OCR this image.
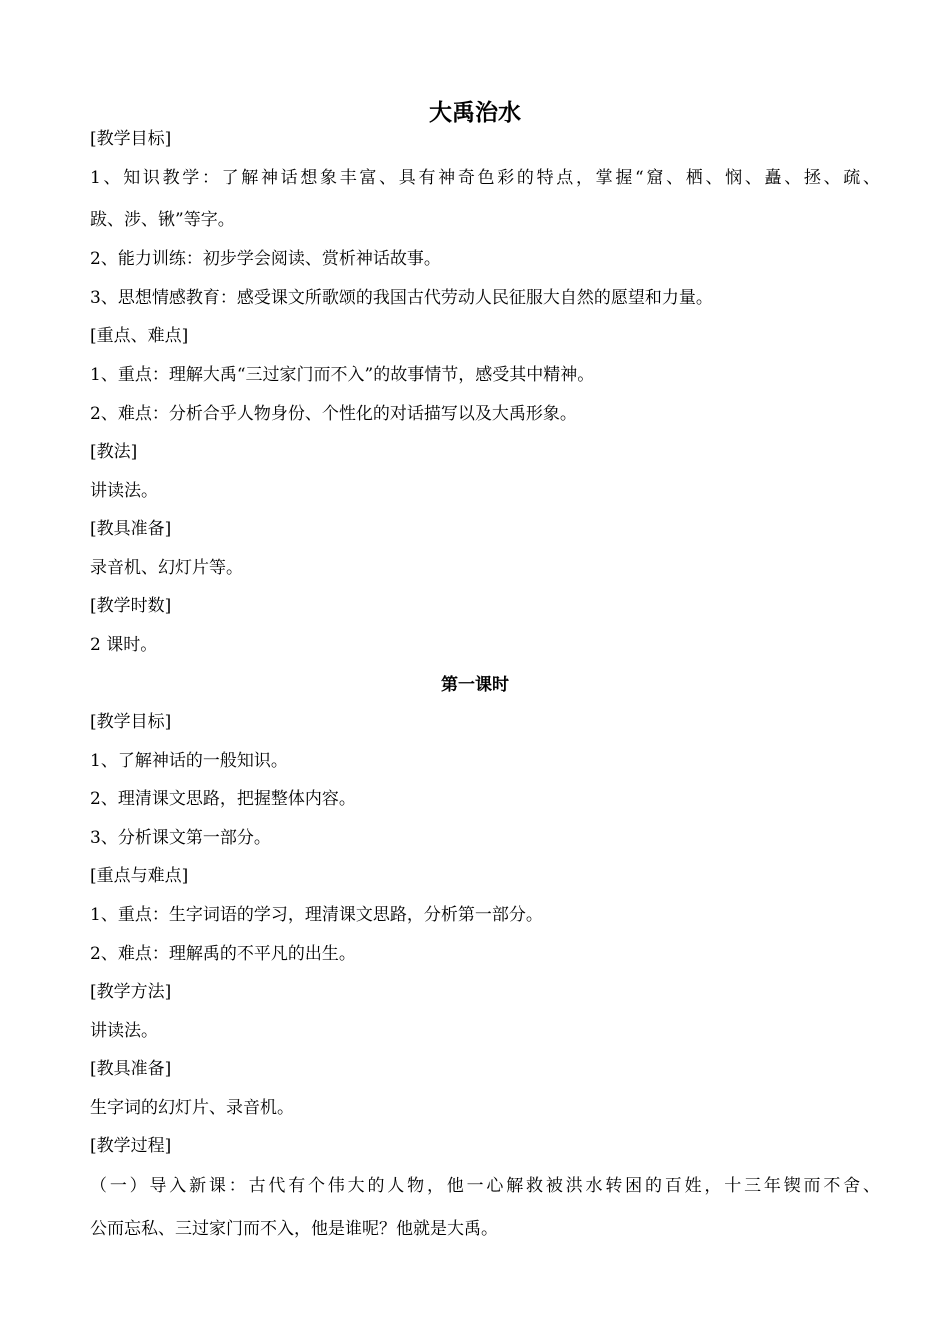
大禹治水
[教学目标]
1、知识教学：了解神话想象丰富、具有神奇色彩的特点，掌握“窟、栖、悯、矗、拯、疏、
跋、涉、锹”等字。
2、能力训练：初步学会阅读、赏析神话故事。
3、思想情感教育：感受课文所歌颂的我国古代劳动人民征服大自然的愿望和力量。
[重点、难点]
1、重点：理解大禹“三过家门而不入”的故事情节，感受其中精神。
2、难点：分析合乎人物身份、个性化的对话描写以及大禹形象。
[教法]
讲读法。
[教具准备]
录音机、幻灯片等。
[教学时数]
2 课时。
第一课时
[教学目标]
1、了解神话的一般知识。
2、理清课文思路，把握整体内容。
3、分析课文第一部分。
[重点与难点]
1、重点：生字词语的学习，理清课文思路，分析第一部分。
2、难点：理解禹的不平凡的出生。
[教学方法]
讲读法。
[教具准备]
生字词的幻灯片、录音机。
[教学过程]
（一）导入新课：古代有个伟大的人物，他一心解救被洪水转困的百姓，十三年锲而不舍、
公而忘私、三过家门而不入，他是谁呢？他就是大禹。
